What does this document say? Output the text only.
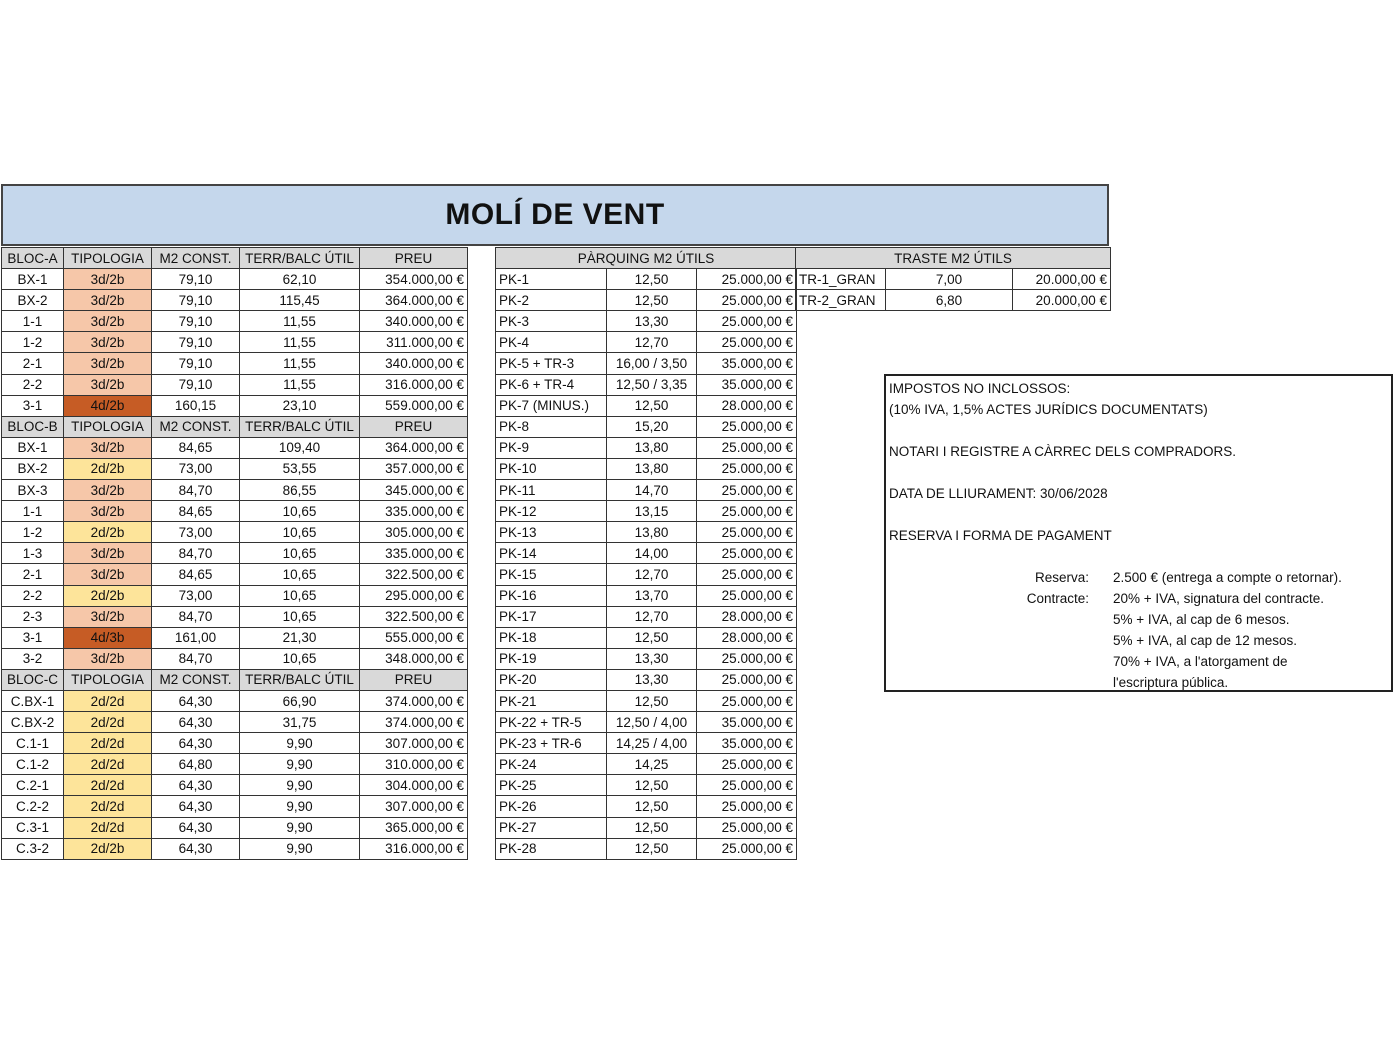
MOLÍ DE VENT
BLOC-A	TIPOLOGIA	M2 CONST.	TERR/BALC ÚTIL	PREU
BX-1	3d/2b	79,10	62,10	354.000,00 €
BX-2	3d/2b	79,10	115,45	364.000,00 €
1-1	3d/2b	79,10	11,55	340.000,00 €
1-2	3d/2b	79,10	11,55	311.000,00 €
2-1	3d/2b	79,10	11,55	340.000,00 €
2-2	3d/2b	79,10	11,55	316.000,00 €
3-1	4d/2b	160,15	23,10	559.000,00 €
BLOC-B	TIPOLOGIA	M2 CONST.	TERR/BALC ÚTIL	PREU
BX-1	3d/2b	84,65	109,40	364.000,00 €
BX-2	2d/2b	73,00	53,55	357.000,00 €
BX-3	3d/2b	84,70	86,55	345.000,00 €
1-1	3d/2b	84,65	10,65	335.000,00 €
1-2	2d/2b	73,00	10,65	305.000,00 €
1-3	3d/2b	84,70	10,65	335.000,00 €
2-1	3d/2b	84,65	10,65	322.500,00 €
2-2	2d/2b	73,00	10,65	295.000,00 €
2-3	3d/2b	84,70	10,65	322.500,00 €
3-1	4d/3b	161,00	21,30	555.000,00 €
3-2	3d/2b	84,70	10,65	348.000,00 €
BLOC-C	TIPOLOGIA	M2 CONST.	TERR/BALC ÚTIL	PREU
C.BX-1	2d/2d	64,30	66,90	374.000,00 €
C.BX-2	2d/2d	64,30	31,75	374.000,00 €
C.1-1	2d/2d	64,30	9,90	307.000,00 €
C.1-2	2d/2d	64,80	9,90	310.000,00 €
C.2-1	2d/2d	64,30	9,90	304.000,00 €
C.2-2	2d/2d	64,30	9,90	307.000,00 €
C.3-1	2d/2d	64,30	9,90	365.000,00 €
C.3-2	2d/2b	64,30	9,90	316.000,00 €
PÀRQUING M2 ÚTILS		
PK-1	12,50	25.000,00 €
PK-2	12,50	25.000,00 €
PK-3	13,30	25.000,00 €
PK-4	12,70	25.000,00 €
PK-5 + TR-3	16,00 / 3,50	35.000,00 €
PK-6 + TR-4	12,50 / 3,35	35.000,00 €
PK-7 (MINUS.)	12,50	28.000,00 €
PK-8	15,20	25.000,00 €
PK-9	13,80	25.000,00 €
PK-10	13,80	25.000,00 €
PK-11	14,70	25.000,00 €
PK-12	13,15	25.000,00 €
PK-13	13,80	25.000,00 €
PK-14	14,00	25.000,00 €
PK-15	12,70	25.000,00 €
PK-16	13,70	25.000,00 €
PK-17	12,70	28.000,00 €
PK-18	12,50	28.000,00 €
PK-19	13,30	25.000,00 €
PK-20	13,30	25.000,00 €
PK-21	12,50	25.000,00 €
PK-22 + TR-5	12,50 / 4,00	35.000,00 €
PK-23 + TR-6	14,25 / 4,00	35.000,00 €
PK-24	14,25	25.000,00 €
PK-25	12,50	25.000,00 €
PK-26	12,50	25.000,00 €
PK-27	12,50	25.000,00 €
PK-28	12,50	25.000,00 €
TRASTE M2 ÚTILS		
TR-1_GRAN	7,00	20.000,00 €
TR-2_GRAN	6,80	20.000,00 €
IMPOSTOS NO INCLOSSOS:
(10% IVA, 1,5% ACTES JURÍDICS DOCUMENTATS)
NOTARI I REGISTRE A CÀRREC DELS COMPRADORS.
DATA DE LLIURAMENT: 30/06/2028
RESERVA I FORMA DE PAGAMENT
Reserva:	2.500 € (entrega a compte o retornar).
Contracte:	20% + IVA, signatura del contracte.
5% + IVA, al cap de 6 mesos.
5% + IVA, al cap de 12 mesos.
70% + IVA, a l'atorgament de
l'escriptura pública.
